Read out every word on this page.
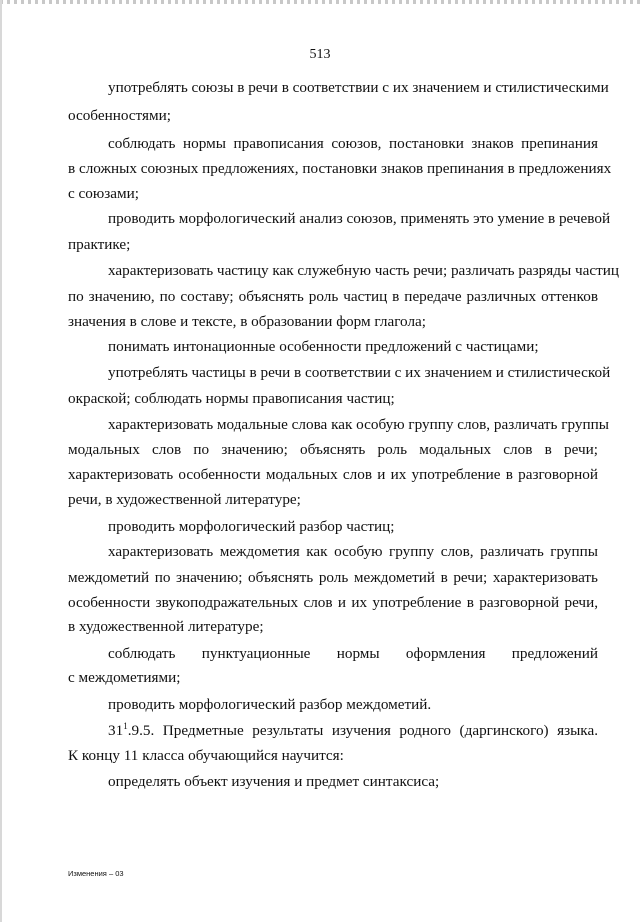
513
употреблять союзы в речи в соответствии с их значением и стилистическими
особенностями;
соблюдать нормы правописания союзов, постановки знаков препинания
в сложных союзных предложениях, постановки знаков препинания в предложениях
с союзами;
проводить морфологический анализ союзов, применять это умение в речевой
практике;
характеризовать частицу как служебную часть речи; различать разряды частиц
по значению, по составу; объяснять роль частиц в передаче различных оттенков
значения в слове и тексте, в образовании форм глагола;
понимать интонационные особенности предложений с частицами;
употреблять частицы в речи в соответствии с их значением и стилистической
окраской; соблюдать нормы правописания частиц;
характеризовать модальные слова как особую группу слов, различать группы
модальных слов по значению; объяснять роль модальных слов в речи;
характеризовать особенности модальных слов и их употребление в разговорной
речи, в художественной литературе;
проводить морфологический разбор частиц;
характеризовать междометия как особую группу слов, различать группы
междометий по значению; объяснять роль междометий в речи; характеризовать
особенности звукоподражательных слов и их употребление в разговорной речи,
в художественной литературе;
соблюдать пунктуационные нормы оформления предложений
с междометиями;
проводить морфологический разбор междометий.
$31^1.9.5$. Предметные результаты изучения родного (даргинского) языка.
К концу 11 класса обучающийся научится:
определять объект изучения и предмет синтаксиса;
Изменения – 03
